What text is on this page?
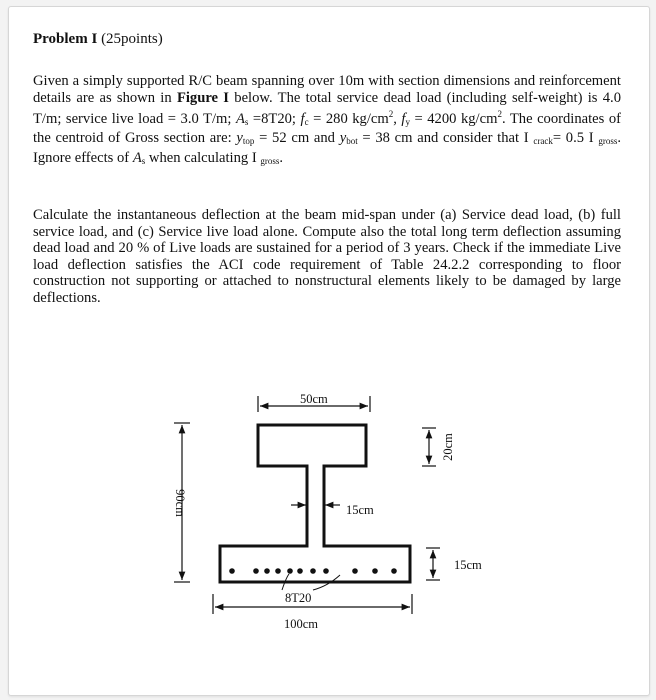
Problem I (25points)

Given a simply supported R/C beam spanning over 10m with section dimensions and reinforcement details are as shown in Figure I below. The total service dead load (including self-weight) is 4.0 T/m; service live load = 3.0 T/m; $A_s =8T20$; $f_c = 280$ $kg/cm^2$, $f_y = 4200$ $kg/cm^2$. The coordinates of the centroid of Gross section are: $y_{top} = 52$ cm and $y_{bot} = 38$ cm and consider that I $_{crack}$= 0.5 I $_{gross}$. Ignore effects of $A_s$ when calculating I $_{gross}$.

Calculate the instantaneous deflection at the beam mid-span under (a) Service dead load, (b) full service load, and (c) Service live load alone. Compute also the total long term deflection assuming dead load and 20 % of Live loads are sustained for a period of 3 years. Check if the immediate Live load deflection satisfies the ACI code requirement of Table 24.2.2 corresponding to floor construction not supporting or attached to nonstructural elements likely to be damaged by large deflections.

50cm
20cm
15cm
15cm
90cm
100cm
8T20
